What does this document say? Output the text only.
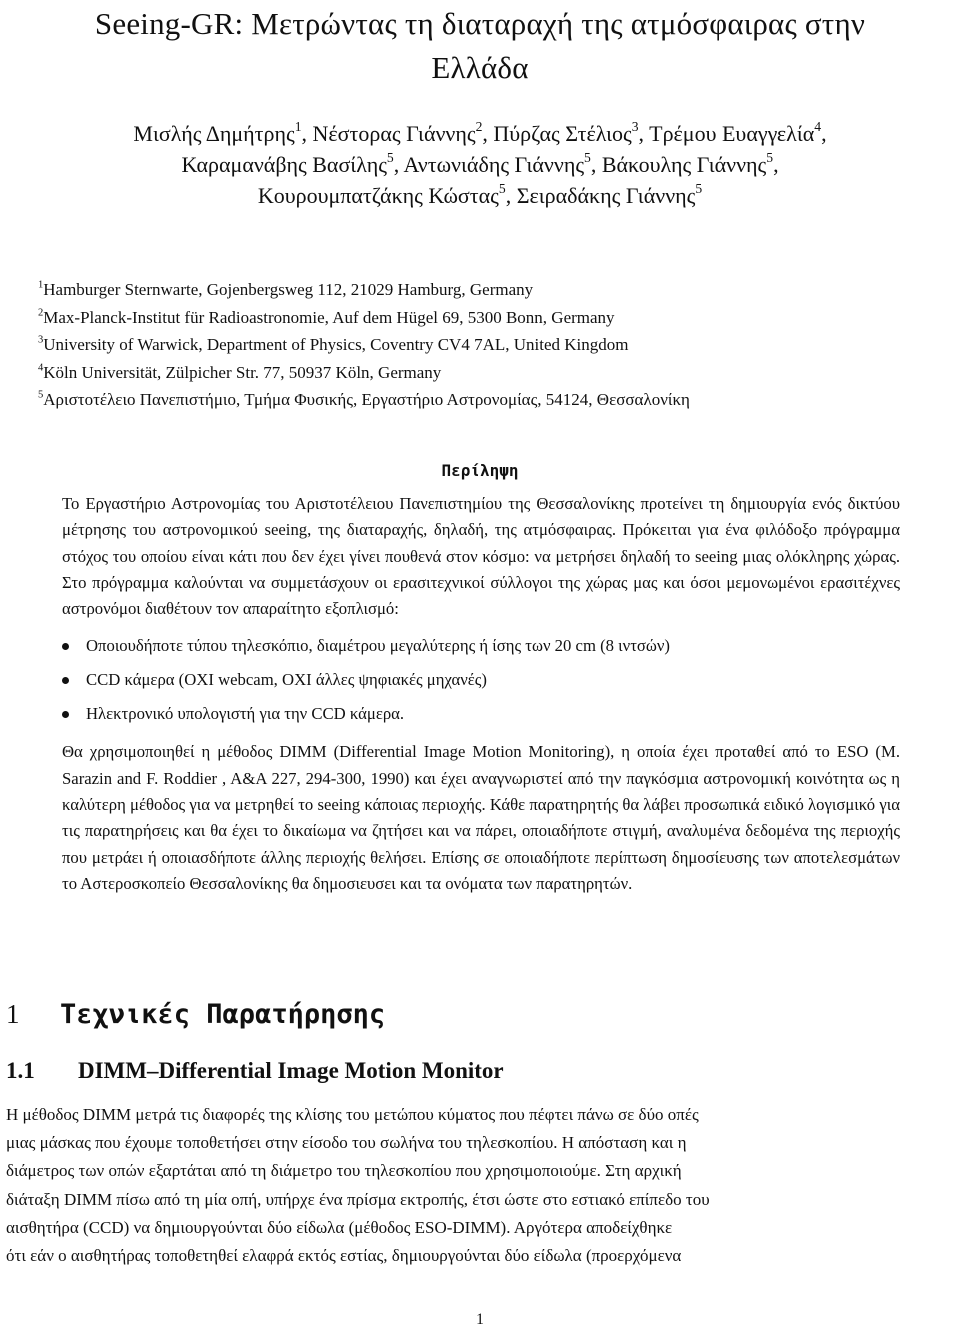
Seeing-GR: Μετρώντας τη διαταραχή της ατμόσφαιρας στην
Ελλάδα
Μισλής Δημήτρης$^1$, Νέστορας Γιάννης$^2$, Πύρζας Στέλιος$^3$, Τρέμου Ευαγγελία$^4$,
Καραμανάβης Βασίλης$^5$, Αντωνιάδης Γιάννης$^5$, Βάκουλης Γιάννης$^5$,
Κουρουμπατζάκης Κώστας$^5$, Σειραδάκης Γιάννης$^5$
$^1$Hamburger Sternwarte, Gojenbergsweg 112, 21029 Hamburg, Germany
$^2$Max-Planck-Institut für Radioastronomie, Auf dem Hügel 69, 5300 Bonn, Germany
$^3$University of Warwick, Department of Physics, Coventry CV4 7AL, United Kingdom
$^4$Köln Universität, Zülpicher Str. 77, 50937 Köln, Germany
$^5$Αριστοτέλειο Πανεπιστήμιο, Τμήμα Φυσικής, Εργαστήριο Αστρονομίας, 54124, Θεσσαλονίκη
Περίληψη

Το Εργαστήριο Αστρονομίας του Αριστοτέλειου Πανεπιστημίου της Θεσσαλονίκης προτείνει τη δημιουργία ενός δικτύου μέτρησης του αστρονομικού seeing, της διαταραχής, δηλαδή, της ατμόσφαιρας. Πρόκειται για ένα φιλόδοξο πρόγραμμα στόχος του οποίου είναι κάτι που δεν έχει γίνει πουθενά στον κόσμο: να μετρήσει δηλαδή το seeing μιας ολόκληρης χώρας. Στο πρόγραμμα καλούνται να συμμετάσχουν οι ερασιτεχνικοί σύλλογοι της χώρας μας και όσοι μεμονωμένοι ερασιτέχνες αστρονόμοι διαθέτουν τον απαραίτητο εξοπλισμό:

Οποιουδήποτε τύπου τηλεσκόπιο, διαμέτρου μεγαλύτερης ή ίσης των 20 cm (8 ιντσών)
CCD κάμερα (OXI webcam, OXI άλλες ψηφιακές μηχανές)
Ηλεκτρονικό υπολογιστή για την CCD κάμερα.

Θα χρησιμοποιηθεί η μέθοδος DIMM (Differential Image Motion Monitoring), η οποία έχει προταθεί από το ESO (M. Sarazin and F. Roddier , A&A 227, 294-300, 1990) και έχει αναγνωριστεί από την παγκόσμια αστρονομική κοινότητα ως η καλύτερη μέθοδος για να μετρηθεί το seeing κάποιας περιοχής. Κάθε παρατηρητής θα λάβει προσωπικά ειδικό λογισμικό για τις παρατηρήσεις και θα έχει το δικαίωμα να ζητήσει και να πάρει, οποιαδήποτε στιγμή, αναλυμένα δεδομένα της περιοχής που μετράει ή οποιασδήποτε άλλης περιοχής θελήσει. Επίσης σε οποιαδήποτε περίπτωση δημοσίευσης των αποτελεσμάτων το Αστεροσκοπείο Θεσσαλονίκης θα δημοσιευσει και τα ονόματα των παρατηρητών.

1 Τεχνικές Παρατήρησης
1.1 DIMM–Differential Image Motion Monitor
Η μέθοδος DIMM μετρά τις διαφορές της κλίσης του μετώπου κύματος που πέφτει πάνω σε δύο οπές
μιας μάσκας που έχουμε τοποθετήσει στην είσοδο του σωλήνα του τηλεσκοπίου. Η απόσταση και η
διάμετρος των οπών εξαρτάται από τη διάμετρο του τηλεσκοπίου που χρησιμοποιούμε. Στη αρχική
διάταξη DIMM πίσω από τη μία οπή, υπήρχε ένα πρίσμα εκτροπής, έτσι ώστε στο εστιακό επίπεδο του
αισθητήρα (CCD) να δημιουργούνται δύο είδωλα (μέθοδος ESO-DIMM). Αργότερα αποδείχθηκε
ότι εάν ο αισθητήρας τοποθετηθεί ελαφρά εκτός εστίας, δημιουργούνται δύο είδωλα (προερχόμενα
1
